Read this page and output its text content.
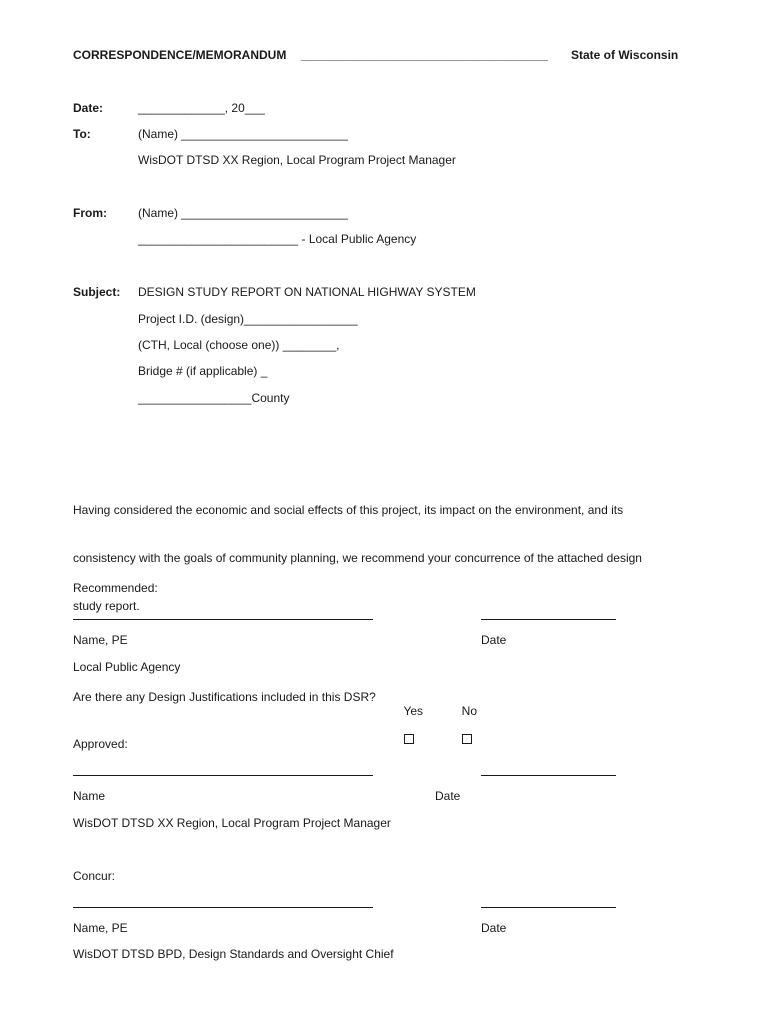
CORRESPONDENCE/MEMORANDUM _____________________________________ State of Wisconsin
Date:	_____________, 20___
To:	(Name) _________________________
WisDOT DTSD XX Region, Local Program Project Manager
From:	(Name) _________________________
________________________ - Local Public Agency
Subject: DESIGN STUDY REPORT ON NATIONAL HIGHWAY SYSTEM
Project I.D. (design)_________________
(CTH, Local (choose one)) ________,
Bridge # (if applicable) _
_________________County

Having considered the economic and social effects of this project, its impact on the environment, and its

consistency with the goals of community planning, we recommend your concurrence of the attached design

study report.

Recommended:
Name, PE	Date
Local Public Agency
Are there any Design Justifications included in this DSR?

Yes

	No

Approved:
Name	Date
WisDOT DTSD XX Region, Local Program Project Manager
Concur:
Name, PE	Date
WisDOT DTSD BPD, Design Standards and Oversight Chief
